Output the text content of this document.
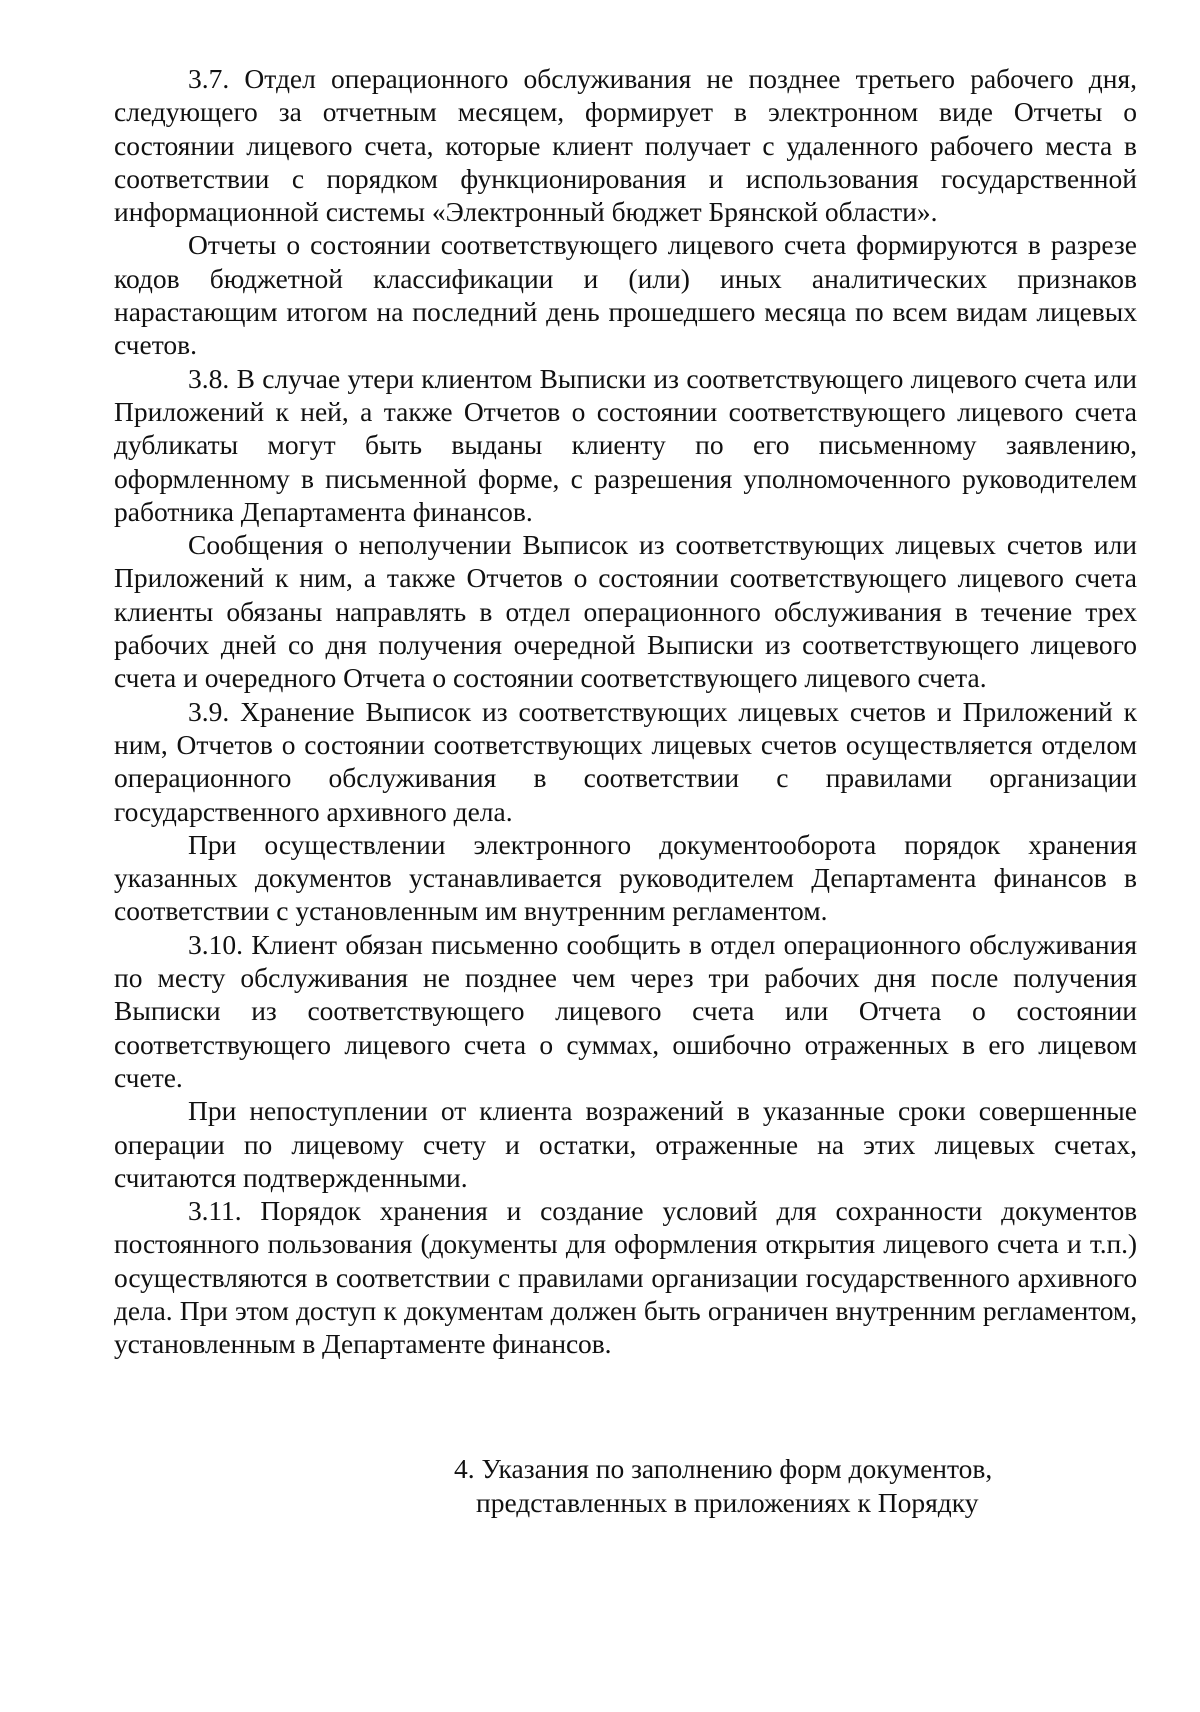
3.7. Отдел операционного обслуживания не позднее третьего рабочего дня, следующего за отчетным месяцем, формирует в электронном виде Отчеты о состоянии лицевого счета, которые клиент получает с удаленного рабочего места в соответствии с порядком функционирования и использования государственной информационной системы «Электронный бюджет Брянской области».

Отчеты о состоянии соответствующего лицевого счета формируются в разрезе кодов бюджетной классификации и (или) иных аналитических признаков нарастающим итогом на последний день прошедшего месяца по всем видам лицевых счетов.

3.8. В случае утери клиентом Выписки из соответствующего лицевого счета или Приложений к ней, а также Отчетов о состоянии соответствующего лицевого счета дубликаты могут быть выданы клиенту по его письменному заявлению, оформленному в письменной форме, с разрешения уполномоченного руководителем работника Департамента финансов.

Сообщения о неполучении Выписок из соответствующих лицевых счетов или Приложений к ним, а также Отчетов о состоянии соответствующего лицевого счета клиенты обязаны направлять в отдел операционного обслуживания в течение трех рабочих дней со дня получения очередной Выписки из соответствующего лицевого счета и очередного Отчета о состоянии соответствующего лицевого счета.

3.9. Хранение Выписок из соответствующих лицевых счетов и Приложений к ним, Отчетов о состоянии соответствующих лицевых счетов осуществляется отделом операционного обслуживания в соответствии с правилами организации государственного архивного дела.

При осуществлении электронного документооборота порядок хранения указанных документов устанавливается руководителем Департамента финансов в соответствии с установленным им внутренним регламентом.

3.10. Клиент обязан письменно сообщить в отдел операционного обслуживания по месту обслуживания не позднее чем через три рабочих дня после получения Выписки из соответствующего лицевого счета или Отчета о состоянии соответствующего лицевого счета о суммах, ошибочно отраженных в его лицевом счете.

При непоступлении от клиента возражений в указанные сроки совершенные операции по лицевому счету и остатки, отраженные на этих лицевых счетах, считаются подтвержденными.

3.11. Порядок хранения и создание условий для сохранности документов постоянного пользования (документы для оформления открытия лицевого счета и т.п.) осуществляются в соответствии с правилами организации государственного архивного дела. При этом доступ к документам должен быть ограничен внутренним регламентом, установленным в Департаменте финансов.

4. Указания по заполнению форм документов,
представленных в приложениях к Порядку
